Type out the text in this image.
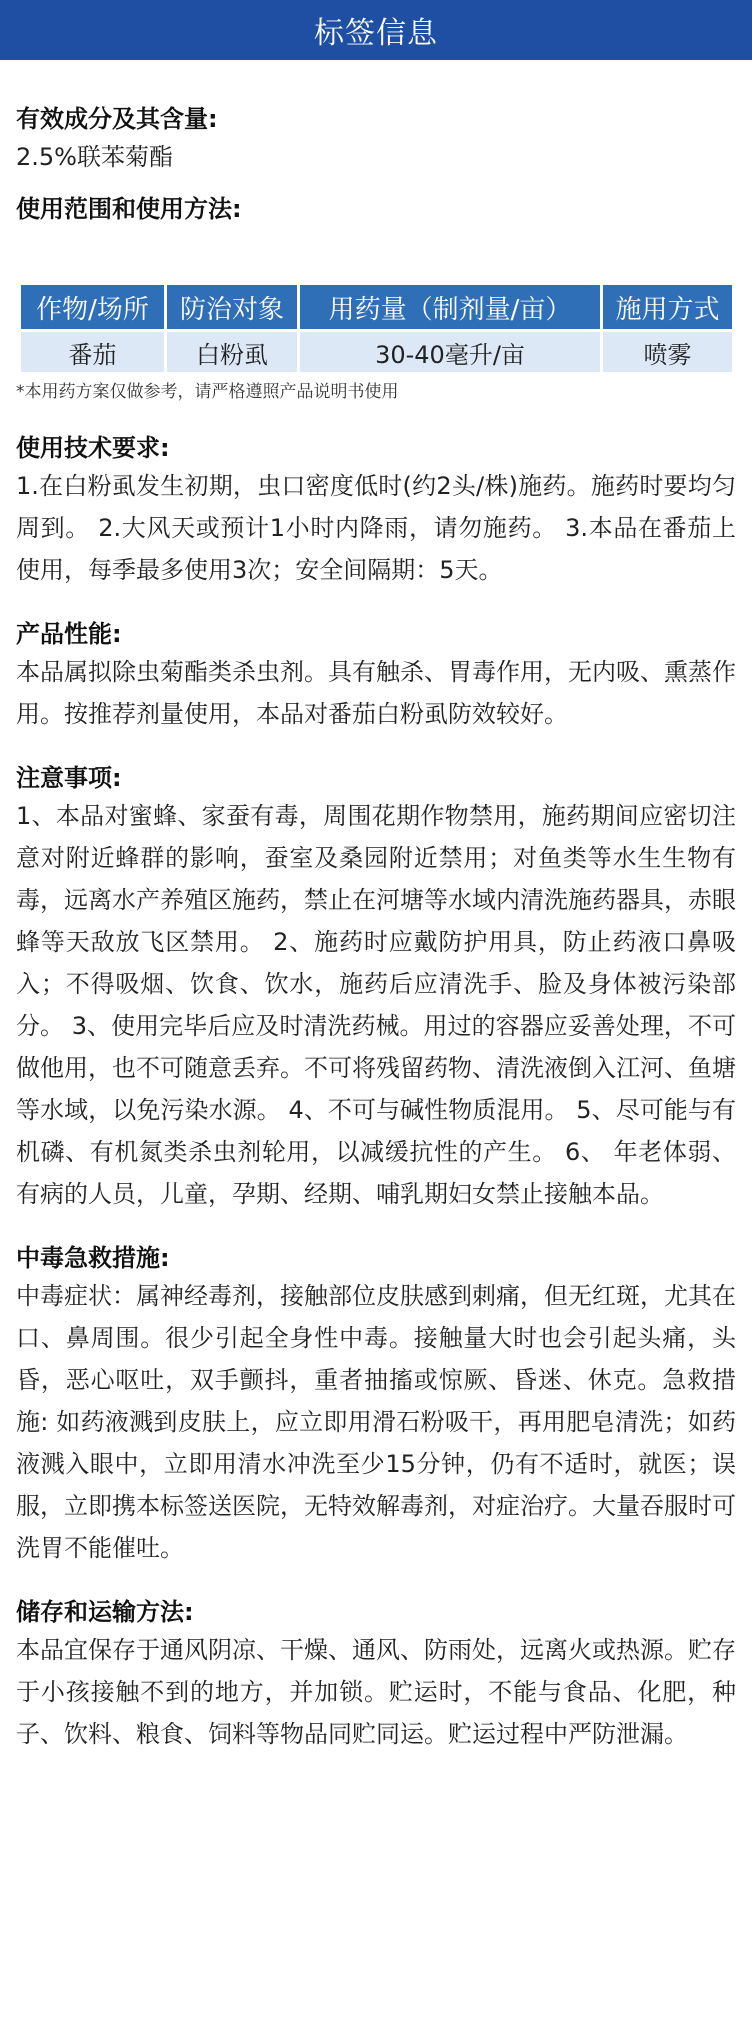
标签信息
有效成分及其含量:
2.5%联苯菊酯
使用范围和使用方法:
作物/场所	防治对象	用药量（制剂量/亩）	施用方式
番茄	白粉虱	30-40毫升/亩	喷雾
*本用药方案仅做参考，请严格遵照产品说明书使用
使用技术要求:
1.在白粉虱发生初期，虫口密度低时(约2头/株)施药。施药时要均匀周到。 2.大风天或预计1小时内降雨，请勿施药。 3.本品在番茄上使用，每季最多使用3次；安全间隔期：5天。
产品性能:
本品属拟除虫菊酯类杀虫剂。具有触杀、胃毒作用，无内吸、熏蒸作用。按推荐剂量使用，本品对番茄白粉虱防效较好。
注意事项:
1、本品对蜜蜂、家蚕有毒，周围花期作物禁用，施药期间应密切注意对附近蜂群的影响，蚕室及桑园附近禁用；对鱼类等水生生物有毒，远离水产养殖区施药，禁止在河塘等水域内清洗施药器具，赤眼蜂等天敌放飞区禁用。 2、施药时应戴防护用具，防止药液口鼻吸入；不得吸烟、饮食、饮水，施药后应清洗手、脸及身体被污染部分。 3、使用完毕后应及时清洗药械。用过的容器应妥善处理，不可做他用，也不可随意丢弃。不可将残留药物、清洗液倒入江河、鱼塘等水域，以免污染水源。 4、不可与碱性物质混用。 5、尽可能与有机磷、有机氮类杀虫剂轮用，以减缓抗性的产生。 6、 年老体弱、有病的人员，儿童，孕期、经期、哺乳期妇女禁止接触本品。
中毒急救措施:
中毒症状：属神经毒剂，接触部位皮肤感到刺痛，但无红斑，尤其在口、鼻周围。很少引起全身性中毒。接触量大时也会引起头痛，头昏，恶心呕吐，双手颤抖，重者抽搐或惊厥、昏迷、休克。急救措施: 如药液溅到皮肤上，应立即用滑石粉吸干，再用肥皂清洗；如药液溅入眼中，立即用清水冲洗至少15分钟，仍有不适时，就医；误服，立即携本标签送医院，无特效解毒剂，对症治疗。大量吞服时可洗胃不能催吐。
储存和运输方法:
本品宜保存于通风阴凉、干燥、通风、防雨处，远离火或热源。贮存于小孩接触不到的地方，并加锁。贮运时，不能与食品、化肥，种子、饮料、粮食、饲料等物品同贮同运。贮运过程中严防泄漏。
